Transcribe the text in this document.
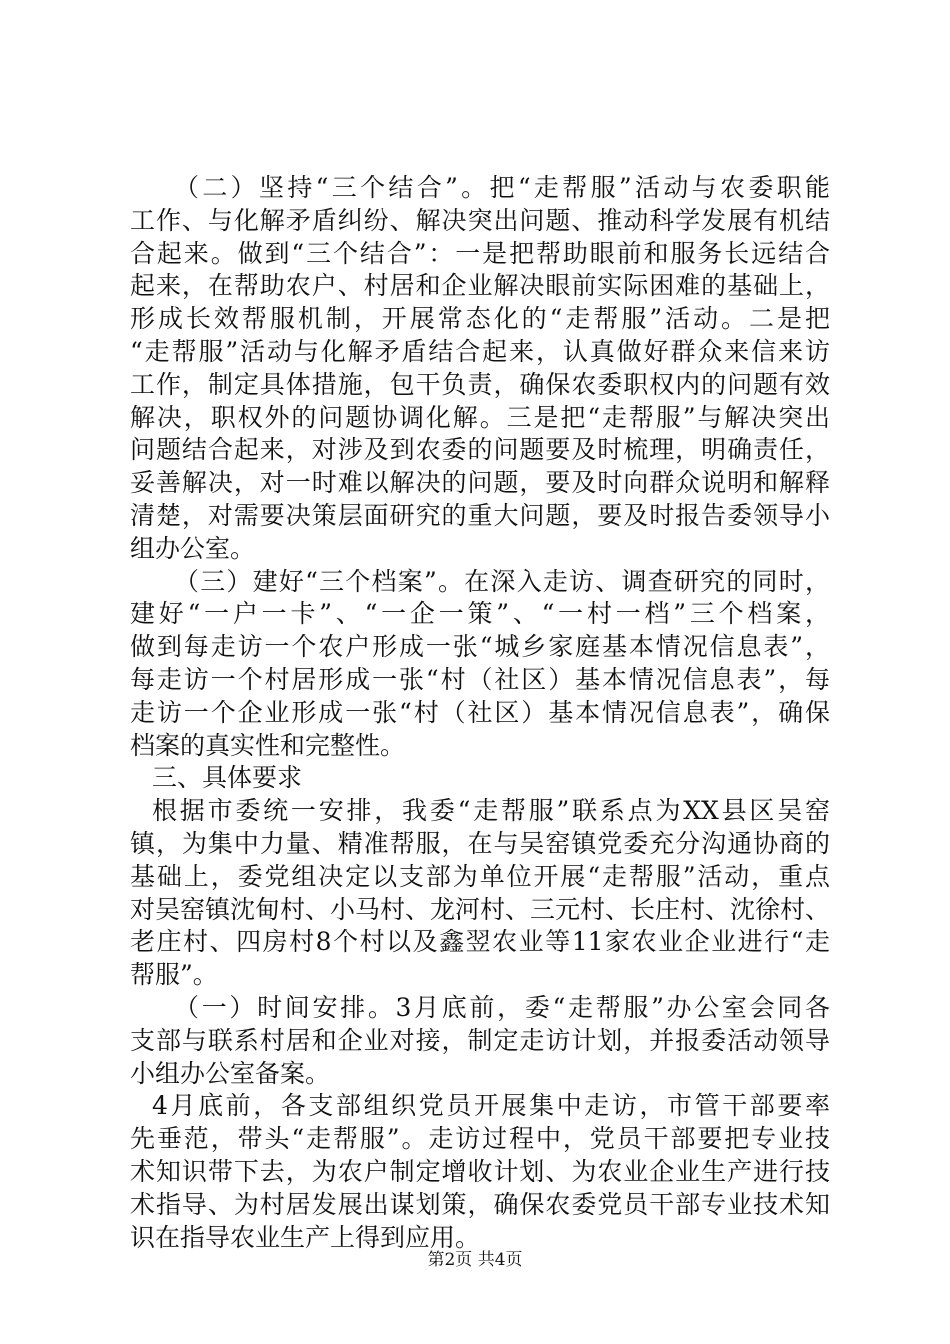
（二）坚持“三个结合”。把“走帮服”活动与农委职能
工作、与化解矛盾纠纷、解决突出问题、推动科学发展有机结
合起来。做到“三个结合”：一是把帮助眼前和服务长远结合
起来，在帮助农户、村居和企业解决眼前实际困难的基础上，
形成长效帮服机制，开展常态化的“走帮服”活动。二是把
“走帮服”活动与化解矛盾结合起来，认真做好群众来信来访
工作，制定具体措施，包干负责，确保农委职权内的问题有效
解决，职权外的问题协调化解。三是把“走帮服”与解决突出
问题结合起来，对涉及到农委的问题要及时梳理，明确责任，
妥善解决，对一时难以解决的问题，要及时向群众说明和解释
清楚，对需要决策层面研究的重大问题，要及时报告委领导小
组办公室。
（三）建好“三个档案”。在深入走访、调查研究的同时，
建好“一户一卡”、“一企一策”、“一村一档”三个档案，
做到每走访一个农户形成一张“城乡家庭基本情况信息表”，
每走访一个村居形成一张“村（社区）基本情况信息表”，每
走访一个企业形成一张“村（社区）基本情况信息表”，确保
档案的真实性和完整性。
三、具体要求
根据市委统一安排，我委“走帮服”联系点为XX县区吴窑
镇，为集中力量、精准帮服，在与吴窑镇党委充分沟通协商的
基础上，委党组决定以支部为单位开展“走帮服”活动，重点
对吴窑镇沈甸村、小马村、龙河村、三元村、长庄村、沈徐村、
老庄村、四房村8个村以及鑫翌农业等11家农业企业进行“走
帮服”。
（一）时间安排。3月底前，委“走帮服”办公室会同各
支部与联系村居和企业对接，制定走访计划，并报委活动领导
小组办公室备案。
4月底前，各支部组织党员开展集中走访，市管干部要率
先垂范，带头“走帮服”。走访过程中，党员干部要把专业技
术知识带下去，为农户制定增收计划、为农业企业生产进行技
术指导、为村居发展出谋划策，确保农委党员干部专业技术知
识在指导农业生产上得到应用。
第2页 共4页
